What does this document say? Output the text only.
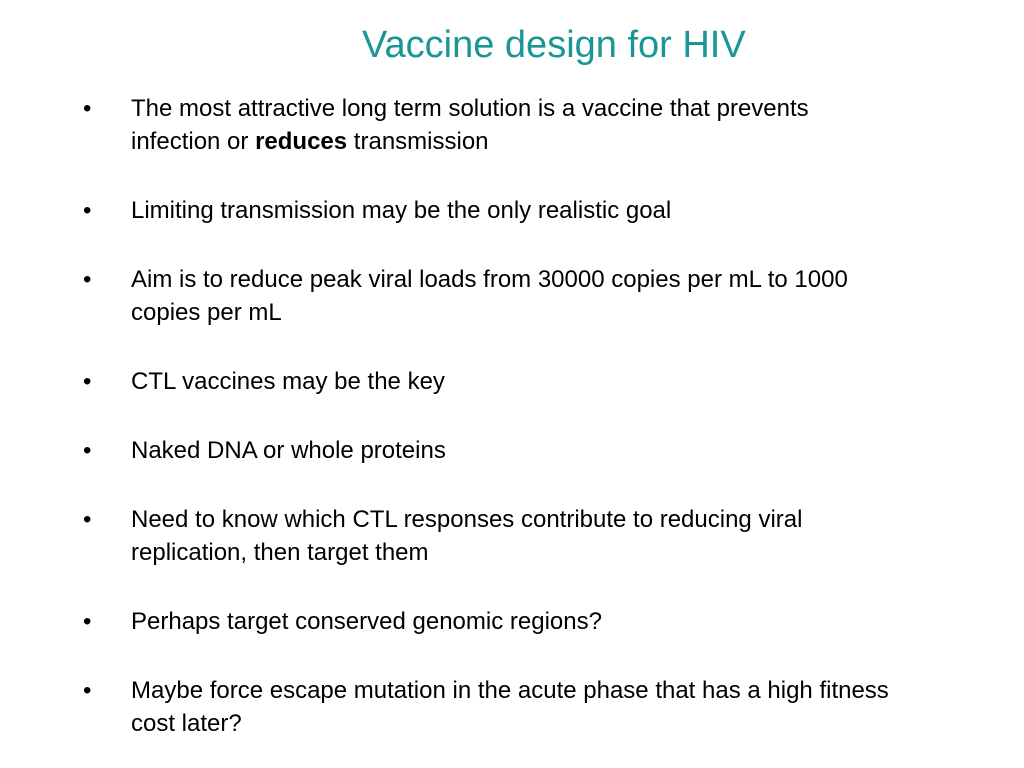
Vaccine design for HIV
• The most attractive long term solution is a vaccine that prevents infection or reduces transmission
• Limiting transmission may be the only realistic goal
• Aim is to reduce peak viral loads from 30000 copies per mL to 1000 copies per mL
• CTL vaccines may be the key
• Naked DNA or whole proteins
• Need to know which CTL responses contribute to reducing viral replication, then target them
• Perhaps target conserved genomic regions?
• Maybe force escape mutation in the acute phase that has a high fitness cost later?
